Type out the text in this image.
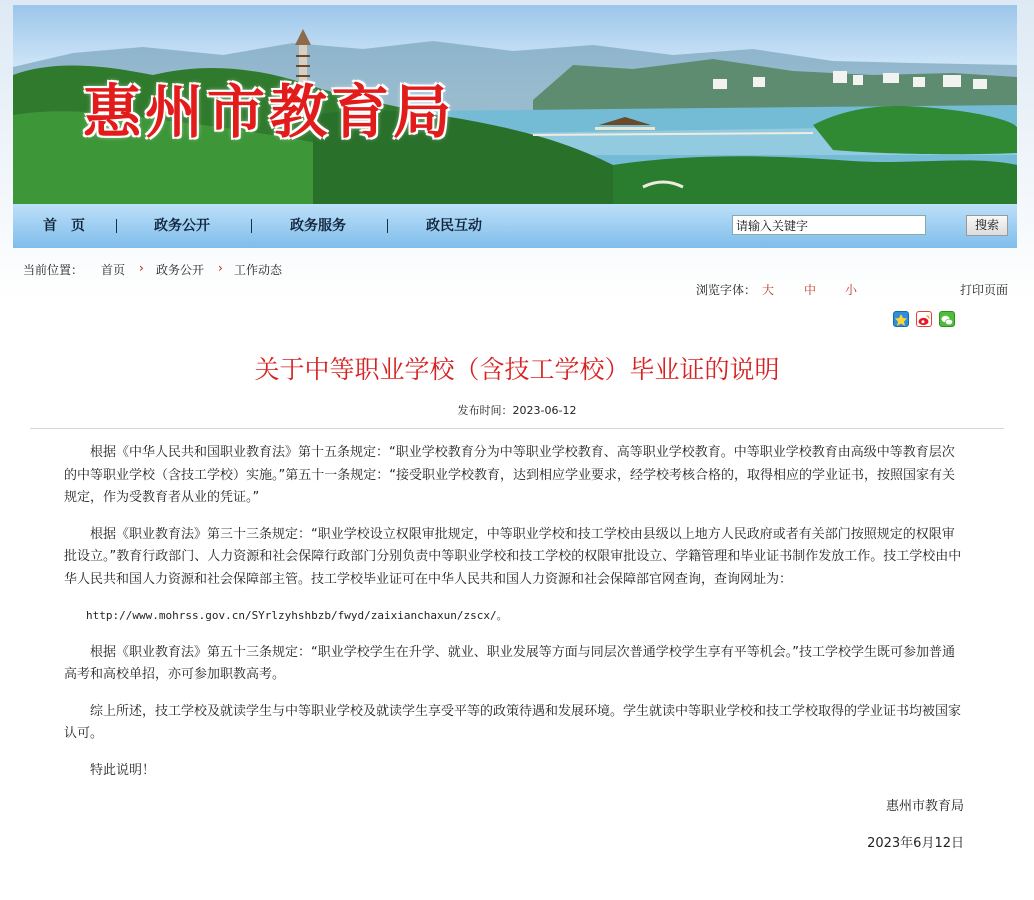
惠州市教育局
首　页	政务公开	政务服务	政民互动
请输入关键字	搜索
当前位置： 首页 › 政务公开 › 工作动态
浏览字体： 大 中 小	打印页面
关于中等职业学校（含技工学校）毕业证的说明
发布时间：2023-06-12

根据《中华人民共和国职业教育法》第十五条规定：“职业学校教育分为中等职业学校教育、高等职业学校教育。中等职业学校教育由高级中等教育层次的中等职业学校（含技工学校）实施。”第五十一条规定：“接受职业学校教育，达到相应学业要求，经学校考核合格的，取得相应的学业证书，按照国家有关规定，作为受教育者从业的凭证。”

根据《职业教育法》第三十三条规定：“职业学校设立权限审批规定，中等职业学校和技工学校由县级以上地方人民政府或者有关部门按照规定的权限审批设立。”教育行政部门、人力资源和社会保障行政部门分别负责中等职业学校和技工学校的权限审批设立、学籍管理和毕业证书制作发放工作。技工学校由中华人民共和国人力资源和社会保障部主管。技工学校毕业证可在中华人民共和国人力资源和社会保障部官网查询，查询网址为：

http://www.mohrss.gov.cn/SYrlzyhshbzb/fwyd/zaixianchaxun/zscx/。

根据《职业教育法》第五十三条规定：“职业学校学生在升学、就业、职业发展等方面与同层次普通学校学生享有平等机会。”技工学校学生既可参加普通高考和高校单招，亦可参加职教高考。

综上所述，技工学校及就读学生与中等职业学校及就读学生享受平等的政策待遇和发展环境。学生就读中等职业学校和技工学校取得的学业证书均被国家认可。

特此说明！

惠州市教育局

2023年6月12日
